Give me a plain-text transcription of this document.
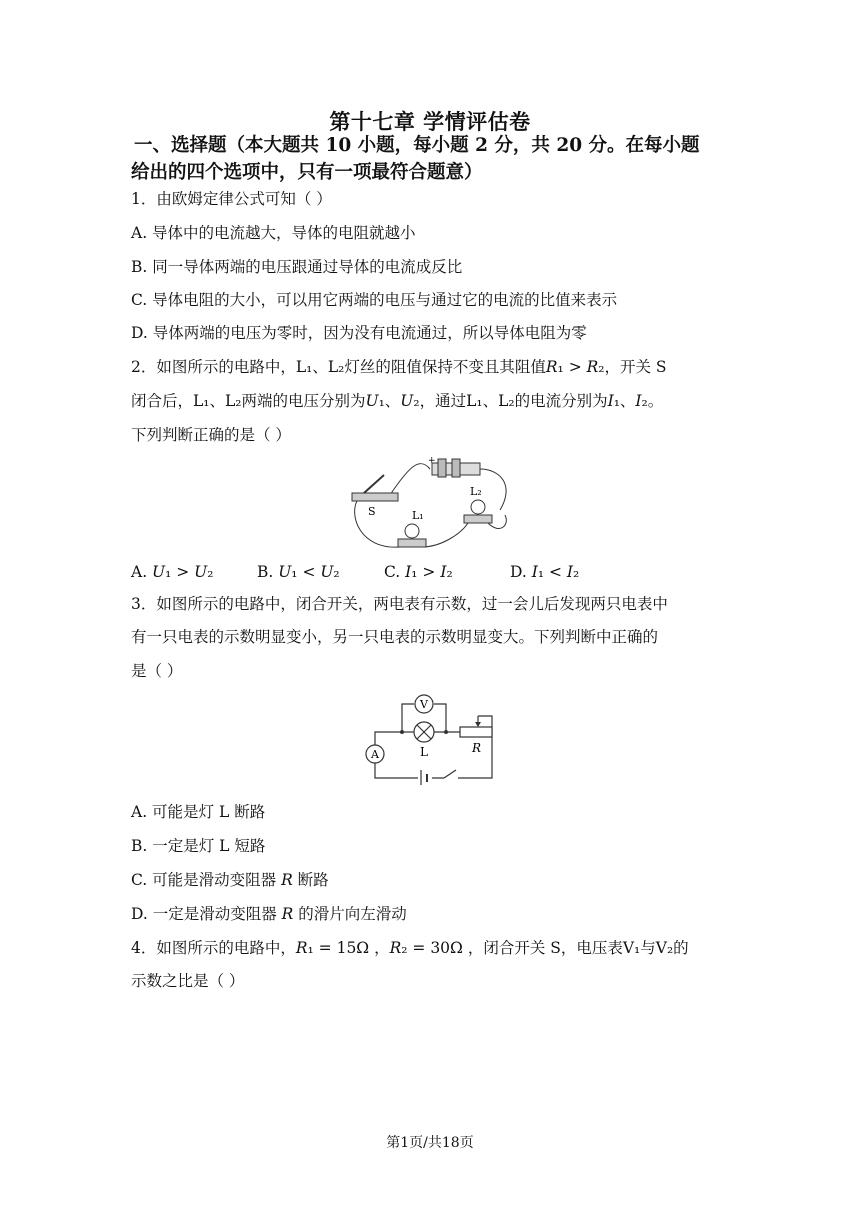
第十七章 学情评估卷
一、选择题（本大题共 10 小题，每小题 2 分，共 20 分。在每小题
给出的四个选项中，只有一项最符合题意）
1．由欧姆定律公式可知（ ）
A. 导体中的电流越大，导体的电阻就越小
B. 同一导体两端的电压跟通过导体的电流成反比
C. 导体电阻的大小，可以用它两端的电压与通过它的电流的比值来表示
D. 导体两端的电压为零时，因为没有电流通过，所以导体电阻为零
2．如图所示的电路中，L₁、L₂灯丝的阻值保持不变且其阻值𝑅₁ > 𝑅₂，开关 S
闭合后，L₁、L₂两端的电压分别为𝑈₁、𝑈₂，通过L₁、L₂的电流分别为𝐼₁、𝐼₂。
下列判断正确的是（ ）
+
S
L₂
L₁
A. 𝑈₁ > 𝑈₂	B. 𝑈₁ < 𝑈₂	C. 𝐼₁ > 𝐼₂	D. 𝐼₁ < 𝐼₂
3．如图所示的电路中，闭合开关，两电表有示数，过一会儿后发现两只电表中
有一只电表的示数明显变小，另一只电表的示数明显变大。下列判断中正确的
是（ ）
V
L	R
A
A. 可能是灯 L 断路
B. 一定是灯 L 短路
C. 可能是滑动变阻器 𝑅 断路
D. 一定是滑动变阻器 𝑅 的滑片向左滑动
4．如图所示的电路中，𝑅₁ = 15Ω ，𝑅₂ = 30Ω ，闭合开关 S，电压表V₁与V₂的
示数之比是（ ）
第1页/共18页
